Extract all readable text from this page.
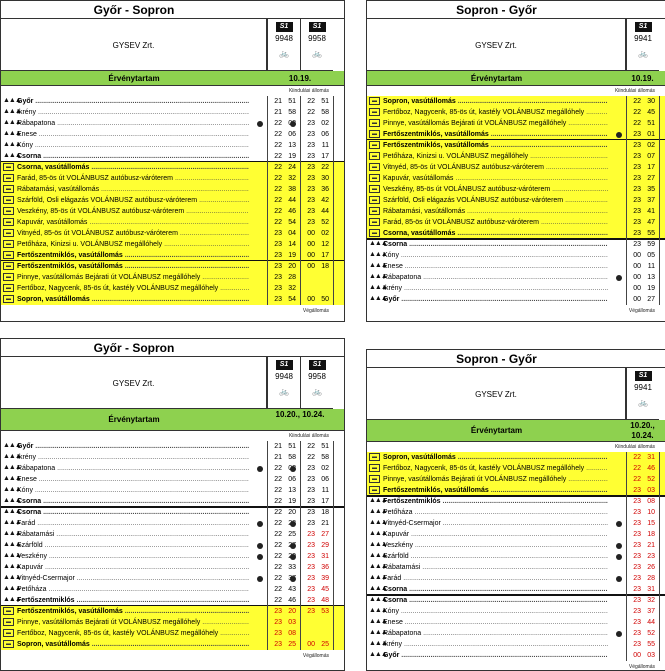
Győr - Sopron
GYSEV Zrt.
S1
9948
🚲
S1
9958
🚲
Érvénytartam	10.19.
Kiindulási állomás
▲▲▲
Győr .....	21 51	22 51
▲▲▲
Ikrény .....	21 58	22 58
▲▲▲
Rábapatona .....	22	23 02
▲▲▲
Enese .....	22 06	23 06
▲▲▲
Kóny .....	22 13	23 11
▲▲▲
Csorna .....	22 19	23 17
▬ Csorna, vasútállomás .....	22 24	23 22
▬ Farád, 85-ös út VOLÁNBUSZ autóbusz-váróterem .....	22 32	23 30
▬ Rábatamási, vasútállomás .....	22 38	23 36
▬ Szárföld, Osli elágazás VOLÁNBUSZ autóbusz-váróterem .....	22 44	23 42
▬ Veszkény, 85-ös út VOLÁNBUSZ autóbusz-váróterem .....	22 46	23 44
▬ Kapuvár, vasútállomás .....	22 54	23 52
▬ Vitnyéd, 85-ös út VOLÁNBUSZ autóbusz-váróterem .....	23 04	00 02
▬ Petőháza, Kinizsi u. VOLÁNBUSZ megállóhely .....	23 14	00 12
▬ Fertőszentmiklós, vasútállomás .....	23 19	00 17
▬ Fertőszentmiklós, vasútállomás .....	23 20	00 18
▬ Pinnye, vasútállomás Bejárati út VOLÁNBUSZ megállóhely .....	23 28
▬ Fertőboz, Nagycenk, 85-ös út, kastély VOLÁNBUSZ megállóhely .....	23 32
▬ Sopron, vasútállomás .....	23 54	00 50
Végállomás
Sopron - Győr
GYSEV Zrt.
S1
9941
🚲
Érvénytartam	10.19.
Kiindulási állomás
▬ Sopron, vasútállomás .....	22 30
▬ Fertőboz, Nagycenk, 85-ös út, kastély VOLÁNBUSZ megállóhely .....	22 45
▬ Pinnye, vasútállomás Bejárati út VOLÁNBUSZ megállóhely .....	22 51
▬ Fertőszentmiklós, vasútállomás .....	23 01
▬ Fertőszentmiklós, vasútállomás .....	23 02
▬ Petőháza, Kinizsi u. VOLÁNBUSZ megállóhely .....	23 07
▬ Vitnyéd, 85-ös út VOLÁNBUSZ autóbusz-váróterem .....	23 17
▬ Kapuvár, vasútállomás .....	23 27
▬ Veszkény, 85-ös út VOLÁNBUSZ autóbusz-váróterem .....	23 35
▬ Szárföld, Osli elágazás VOLÁNBUSZ autóbusz-váróterem .....	23 37
▬ Rábatamási, vasútállomás .....	23 41
▬ Farád, 85-ös út VOLÁNBUSZ autóbusz-váróterem .....	23 47
▬ Csorna, vasútállomás .....	23 55
▲▲▲
Csorna .....	23 59
▲▲▲
Kóny .....	00 05
▲▲▲
Enese .....	00 11
▲▲▲
Rábapatona .....	00 13
▲▲▲
Ikrény .....	00 19
▲▲▲
Győr .....	00 27
Végállomás
Győr - Sopron
GYSEV Zrt.
S1
9948
🚲
S1
9958
🚲
Érvénytartam
10.20., 10.24.
Kiindulási állomás
▲▲▲
Győr .....	21 51	22 51
▲▲▲
Ikrény .....	21 58	22 58
▲▲▲
Rábapatona .....	22	23 02
▲▲▲
Enese .....	22 06	23 06
▲▲▲
Kóny .....	22 13	23 11
▲▲▲
Csorna .....	22 19	23 17
▲▲▲
Csorna .....	22 20	23 18
▲▲▲
Farád .....	22	23 21
▲▲▲
Rábatamási .....	22 25	23 27
▲▲▲
Szárföld .....	22	23 29
▲▲▲
Veszkény .....	22	23 31
▲▲▲
Kapuvár .....	22 33	23 36
▲▲▲
Vitnyéd-Csermajor .....	22	23 39
▲▲▲
Petőháza .....	22 43	23 45
▲▲▲
Fertőszentmiklós .....	22 46	23 48
▬ Fertőszentmiklós, vasútállomás .....	23 20	23 53
▬ Pinnye, vasútállomás Bejárati út VOLÁNBUSZ megállóhely .....	23 03
▬ Fertőboz, Nagycenk, 85-ös út, kastély VOLÁNBUSZ megállóhely .....	23 08
▬ Sopron, vasútállomás .....	23 25	00 25
Végállomás
Sopron - Győr
GYSEV Zrt.
S1
9941
🚲
Érvénytartam
10.20., 10.24.
Kiindulási állomás
▬ Sopron, vasútállomás .....	22 31
▬ Fertőboz, Nagycenk, 85-ös út, kastély VOLÁNBUSZ megállóhely .....	22 46
▬ Pinnye, vasútállomás Bejárati út VOLÁNBUSZ megállóhely .....	22 52
▬ Fertőszentmiklós, vasútállomás .....	23 03
▲▲▲
Fertőszentmiklós .....	23 08
▲▲▲
Petőháza .....	23 10
▲▲▲
Vitnyéd-Csermajor .....	23 15
▲▲▲
Kapuvár .....	23 18
▲▲▲
Veszkény .....	23 21
▲▲▲
Szárföld .....	23 23
▲▲▲
Rábatamási .....	23 26
▲▲▲
Farád .....	23 28
▲▲▲
Csorna .....	23 31
▲▲▲
Csorna .....	23 32
▲▲▲
Kóny .....	23 37
▲▲▲
Enese .....	23 44
▲▲▲
Rábapatona .....	23 52
▲▲▲
Ikrény .....	23 55
▲▲▲
Győr .....	00 03
Végállomás
